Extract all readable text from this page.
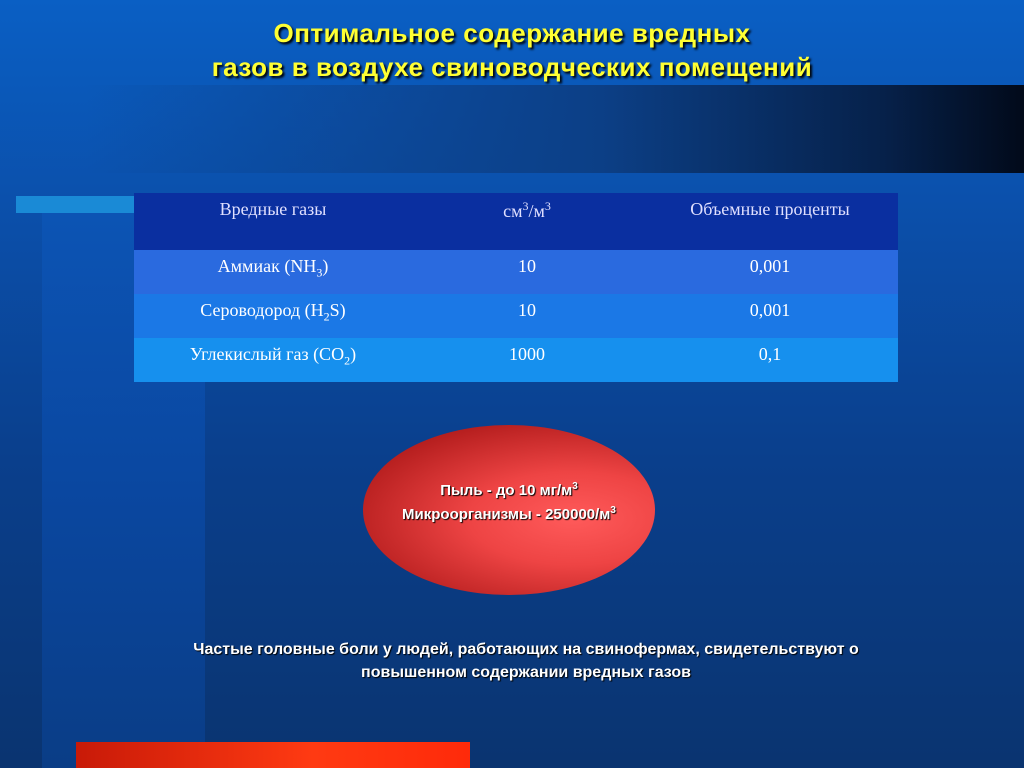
Оптимальное содержание вредных
газов в воздухе свиноводческих помещений
Вредные газы	$см^3/м^3$	Объемные проценты
Аммиак $(NH_3)$	10	0,001
Сероводород $(H_2S)$	10	0,001
Углекислый газ $(CO_2)$	1000	0,1
Пыль - до 10 $мг/м^3$
Микроорганизмы - $250000/м^3$
Частые головные боли у людей, работающих на свинофермах, свидетельствуют о
повышенном содержании вредных газов
